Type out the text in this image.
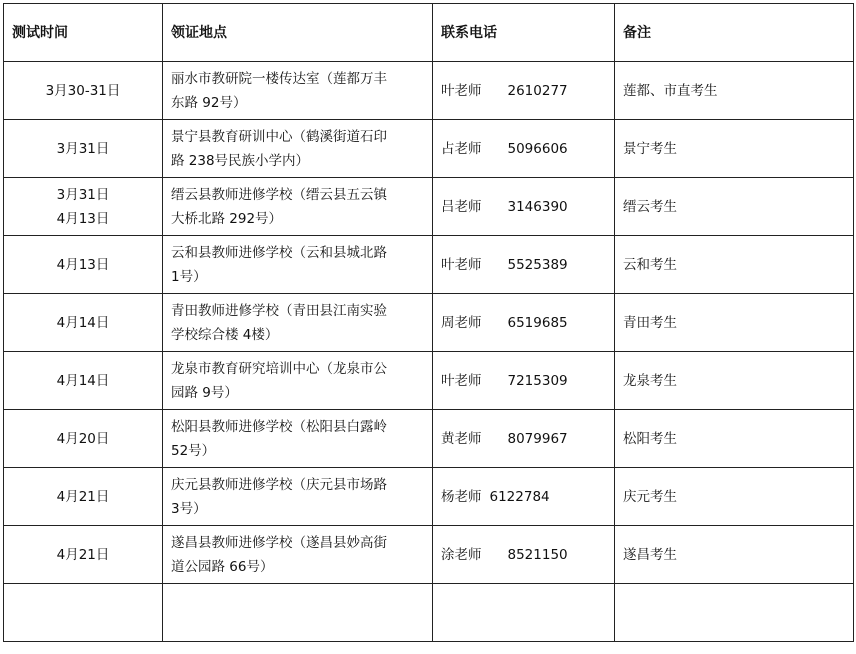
测试时间	领证地点	联系电话	备注

3月30-31日	丽水市教研院一楼传达室（莲都万丰
东路 92号）	叶老师 2610277	莲都、市直考生

3月31日	景宁县教育研训中心（鹤溪街道石印
路 238号民族小学内）	占老师 5096606	景宁考生

3月31日
4月13日	缙云县教师进修学校（缙云县五云镇
大桥北路 292号）	吕老师 3146390	缙云考生

4月13日	云和县教师进修学校（云和县城北路
1号）	叶老师 5525389	云和考生

4月14日	青田教师进修学校（青田县江南实验
学校综合楼 4楼）	周老师 6519685	青田考生

4月14日	龙泉市教育研究培训中心（龙泉市公
园路 9号）	叶老师 7215309	龙泉考生

4月20日	松阳县教师进修学校（松阳县白露岭
52号）	黄老师 8079967	松阳考生

4月21日	庆元县教师进修学校（庆元县市场路
3号）	杨老师 6122784	庆元考生

4月21日	遂昌县教师进修学校（遂昌县妙高街
道公园路 66号）	涂老师 8521150	遂昌考生
